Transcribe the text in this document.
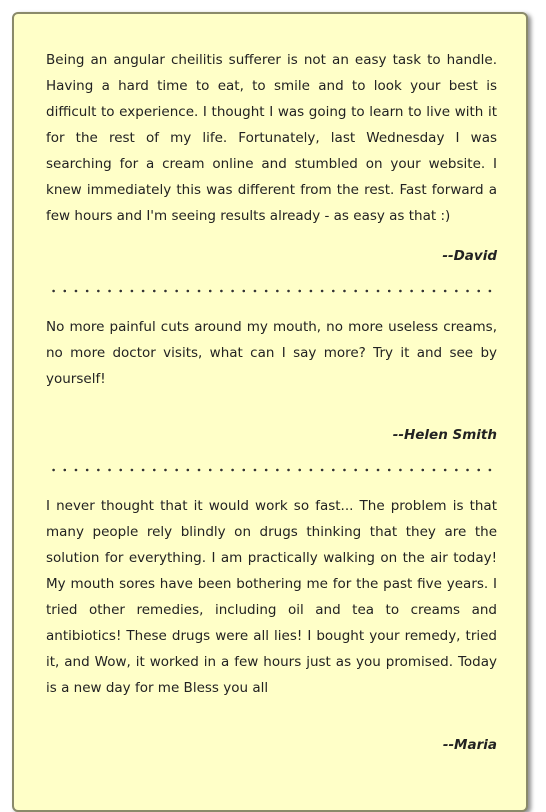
Being an angular cheilitis sufferer is not an easy task to handle. Having a hard time to eat, to smile and to look your best is difficult to experience. I thought I was going to learn to live with it for the rest of my life. Fortunately, last Wednesday I was searching for a cream online and stumbled on your website. I knew immediately this was different from the rest. Fast forward a few hours and I'm seeing results already - as easy as that :)

--David

No more painful cuts around my mouth, no more useless creams, no more doctor visits, what can I say more? Try it and see by yourself!

--Helen Smith

I never thought that it would work so fast... The problem is that many people rely blindly on drugs thinking that they are the solution for everything. I am practically walking on the air today! My mouth sores have been bothering me for the past five years. I tried other remedies, including oil and tea to creams and antibiotics! These drugs were all lies! I bought your remedy, tried it, and Wow, it worked in a few hours just as you promised. Today is a new day for me Bless you all

--Maria
